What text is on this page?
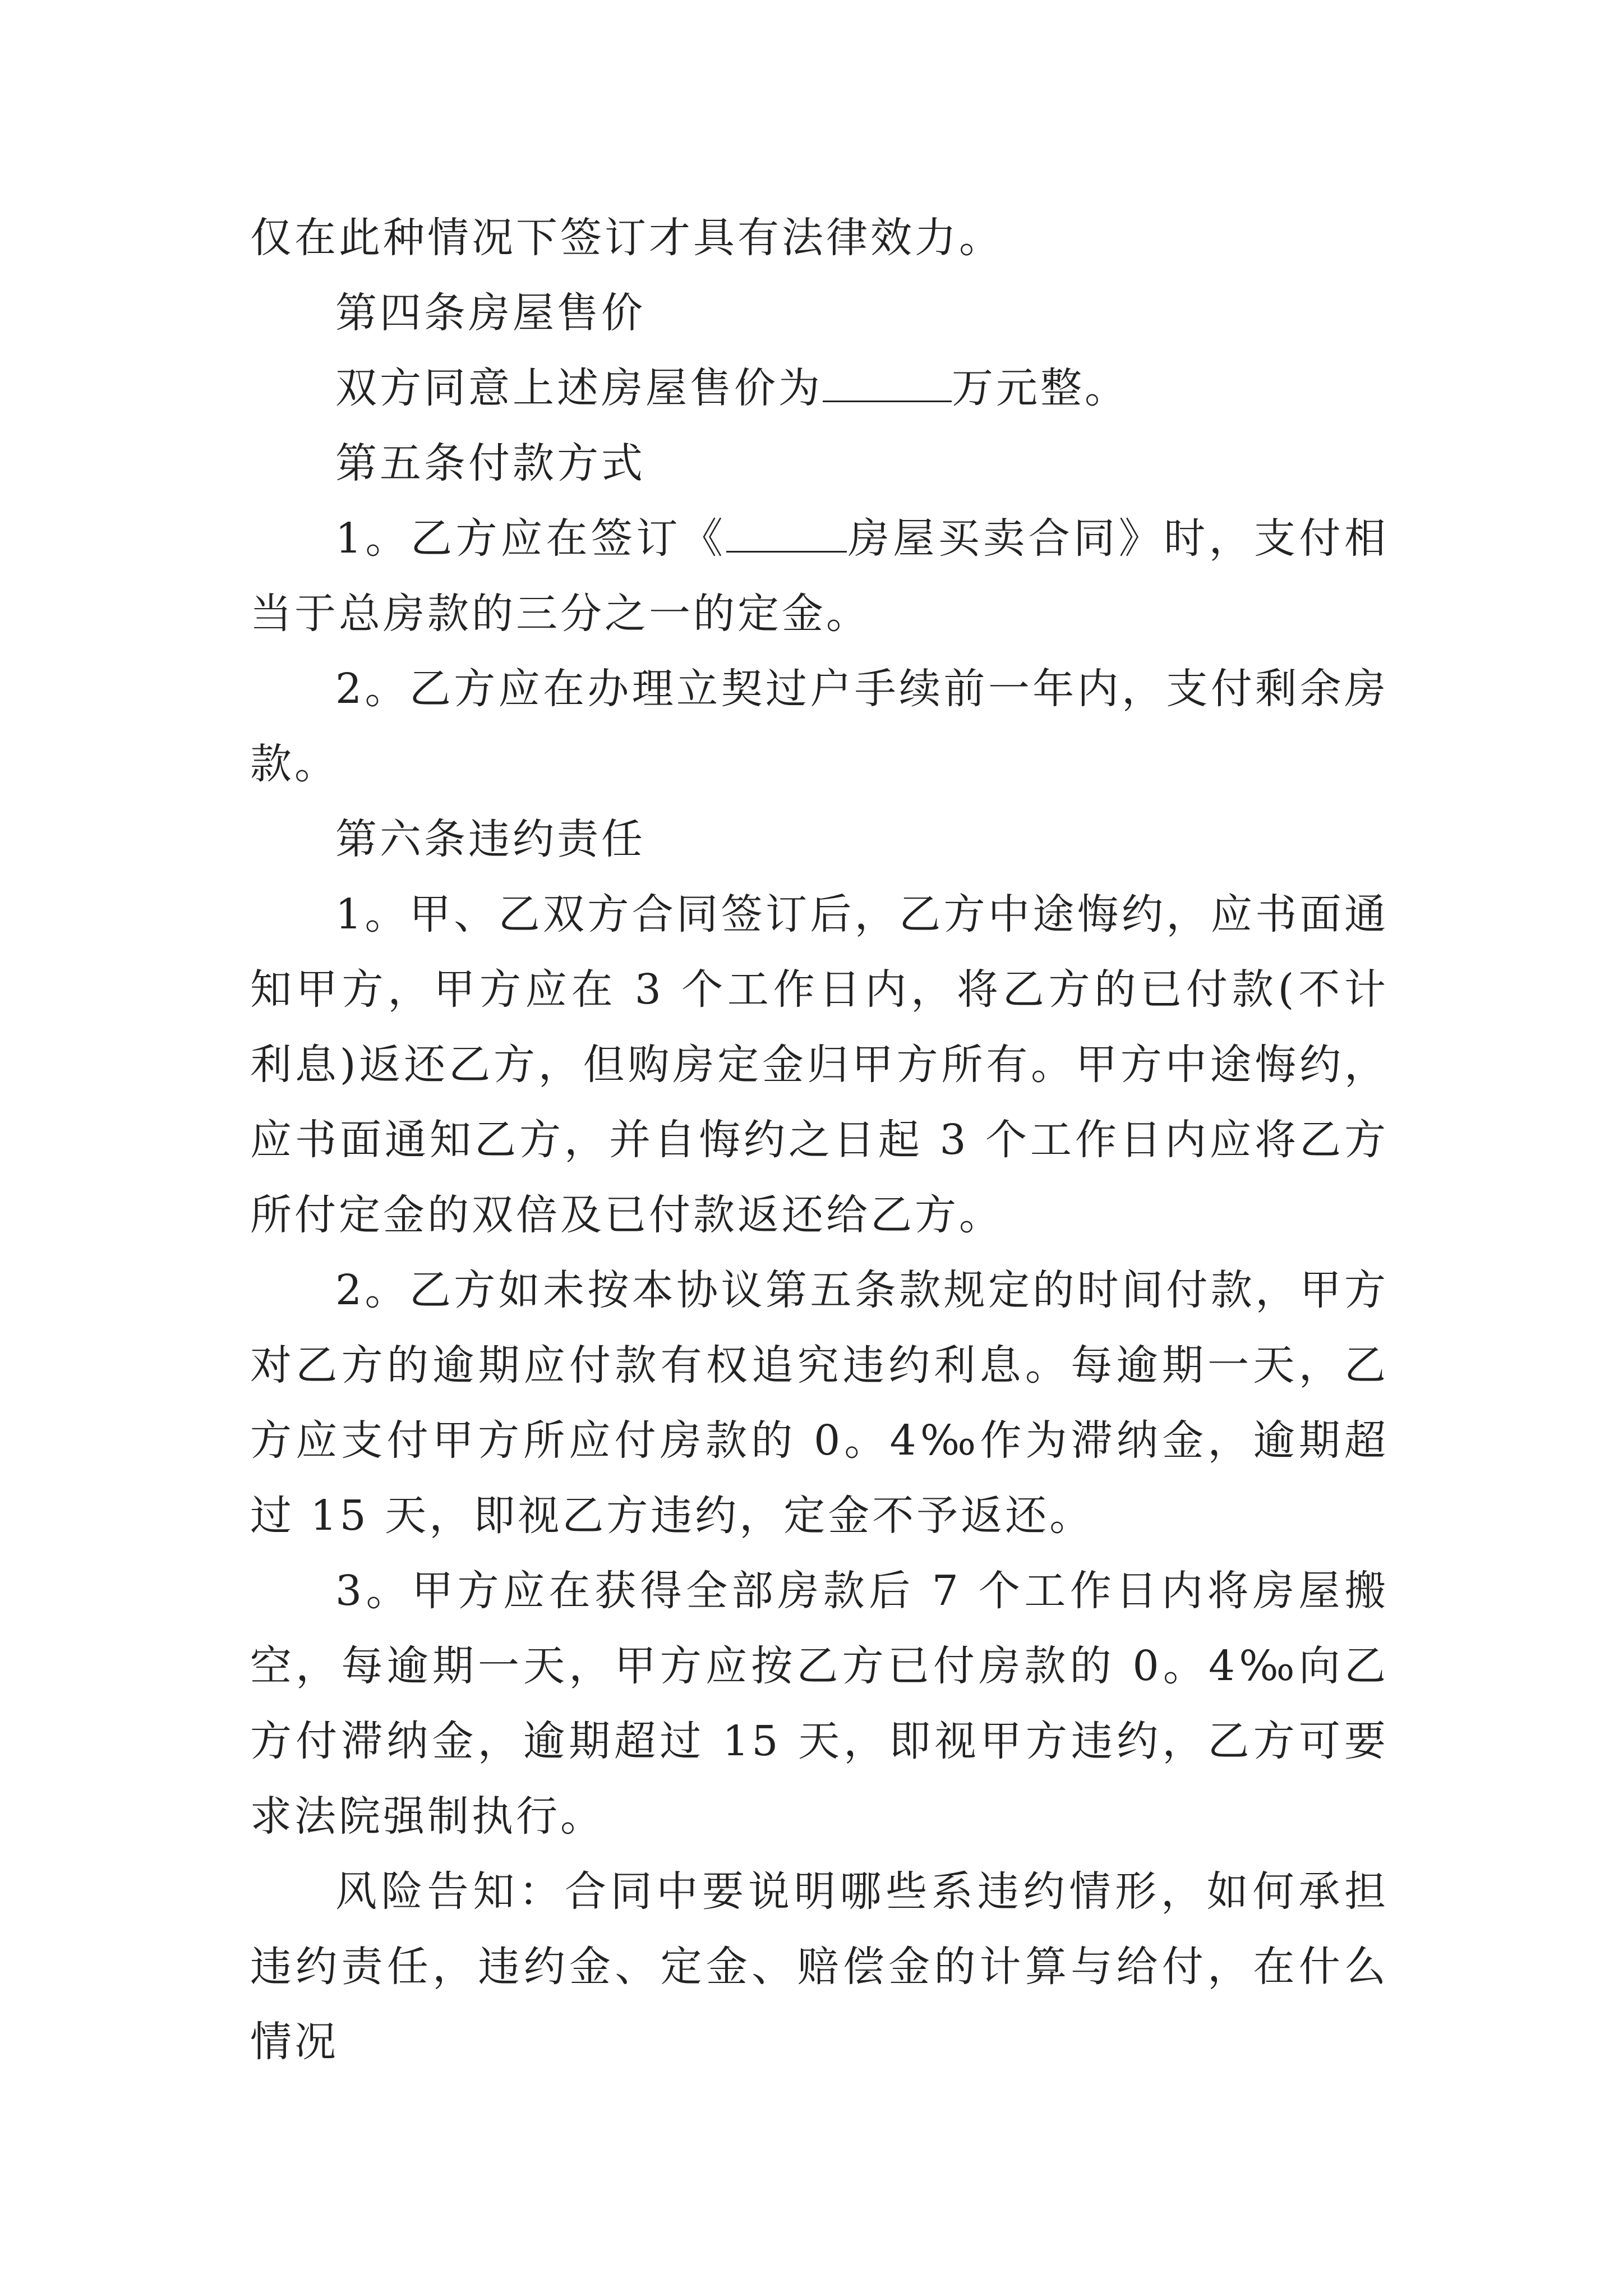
仅在此种情况下签订才具有法律效力。

第四条房屋售价

双方同意上述房屋售价为	万元整。

第五条付款方式

1。乙方应在签订《	房屋买卖合同》时，支付相当于总房款的三分之一的定金。

2。乙方应在办理立契过户手续前一年内，支付剩余房款。

第六条违约责任

1。甲、乙双方合同签订后，乙方中途悔约，应书面通知甲方，甲方应在 3 个工作日内，将乙方的已付款(不计利息)返还乙方，但购房定金归甲方所有。甲方中途悔约，应书面通知乙方，并自悔约之日起 3 个工作日内应将乙方所付定金的双倍及已付款返还给乙方。

2。乙方如未按本协议第五条款规定的时间付款，甲方对乙方的逾期应付款有权追究违约利息。每逾期一天，乙方应支付甲方所应付房款的 0。4‰作为滞纳金，逾期超过 15 天，即视乙方违约，定金不予返还。

3。甲方应在获得全部房款后 7 个工作日内将房屋搬空，每逾期一天，甲方应按乙方已付房款的 0。4‰向乙方付滞纳金，逾期超过 15 天，即视甲方违约，乙方可要求法院强制执行。

风险告知：合同中要说明哪些系违约情形，如何承担违约责任，违约金、定金、赔偿金的计算与给付，在什么情况
